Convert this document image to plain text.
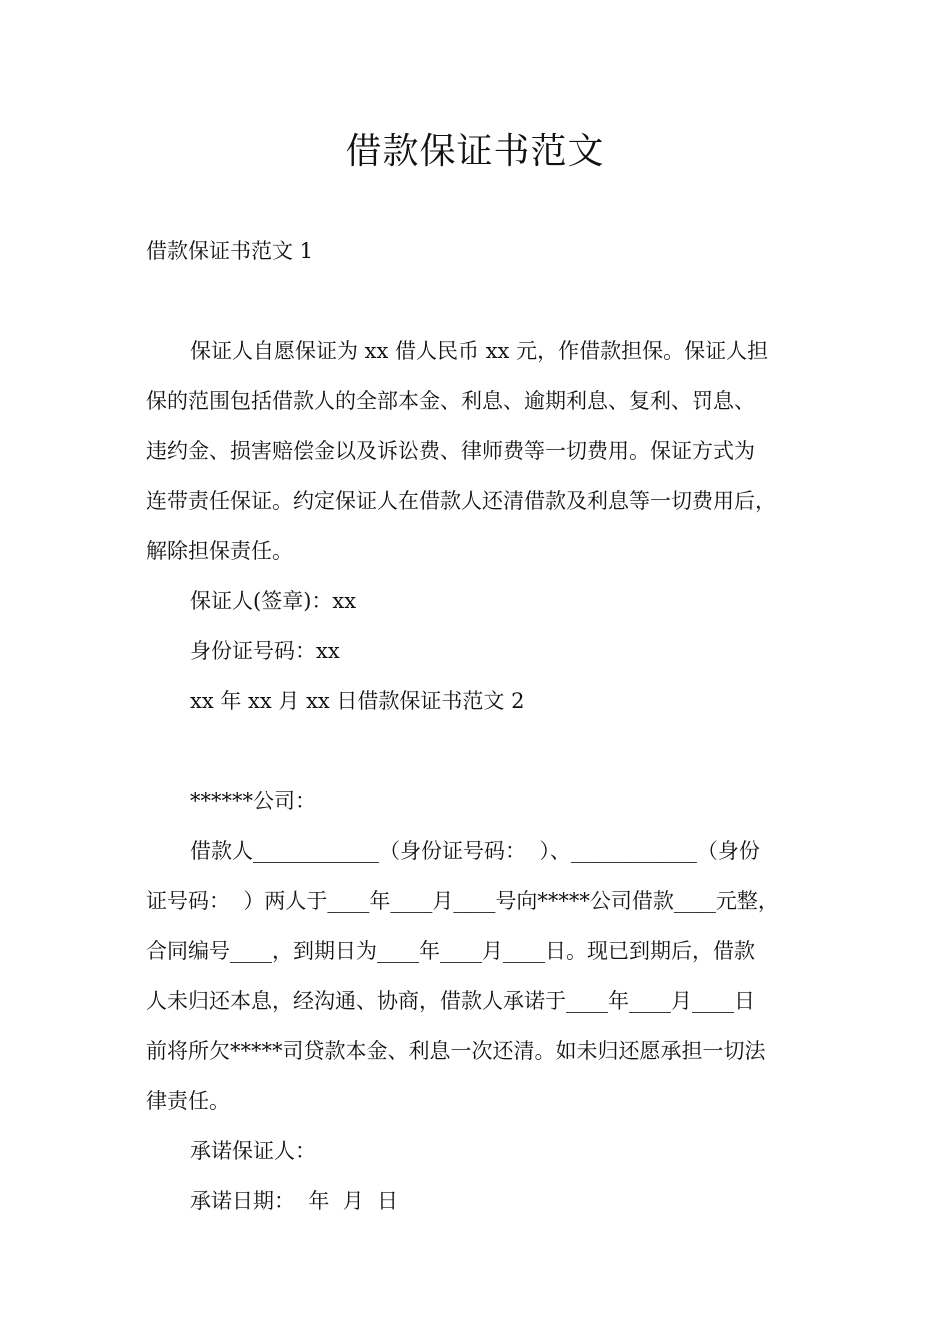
借款保证书范文
借款保证书范文 1
保证人自愿保证为 xx 借人民币 xx 元，作借款担保。保证人担
保的范围包括借款人的全部本金、利息、逾期利息、复利、罚息、
违约金、损害赔偿金以及诉讼费、律师费等一切费用。保证方式为
连带责任保证。约定保证人在借款人还清借款及利息等一切费用后，
解除担保责任。
保证人(签章)：xx
身份证号码：xx
xx 年 xx 月 xx 日借款保证书范文 2
******公司：
借款人____________（身份证号码：  ）、____________（身份
证号码：  ）两人于____年____月____号向*****公司借款____元整，
合同编号____，到期日为____年____月____日。现已到期后，借款
人未归还本息，经沟通、协商，借款人承诺于____年____月____日
前将所欠*****司贷款本金、利息一次还清。如未归还愿承担一切法
律责任。
承诺保证人：
承诺日期：  年  月  日
